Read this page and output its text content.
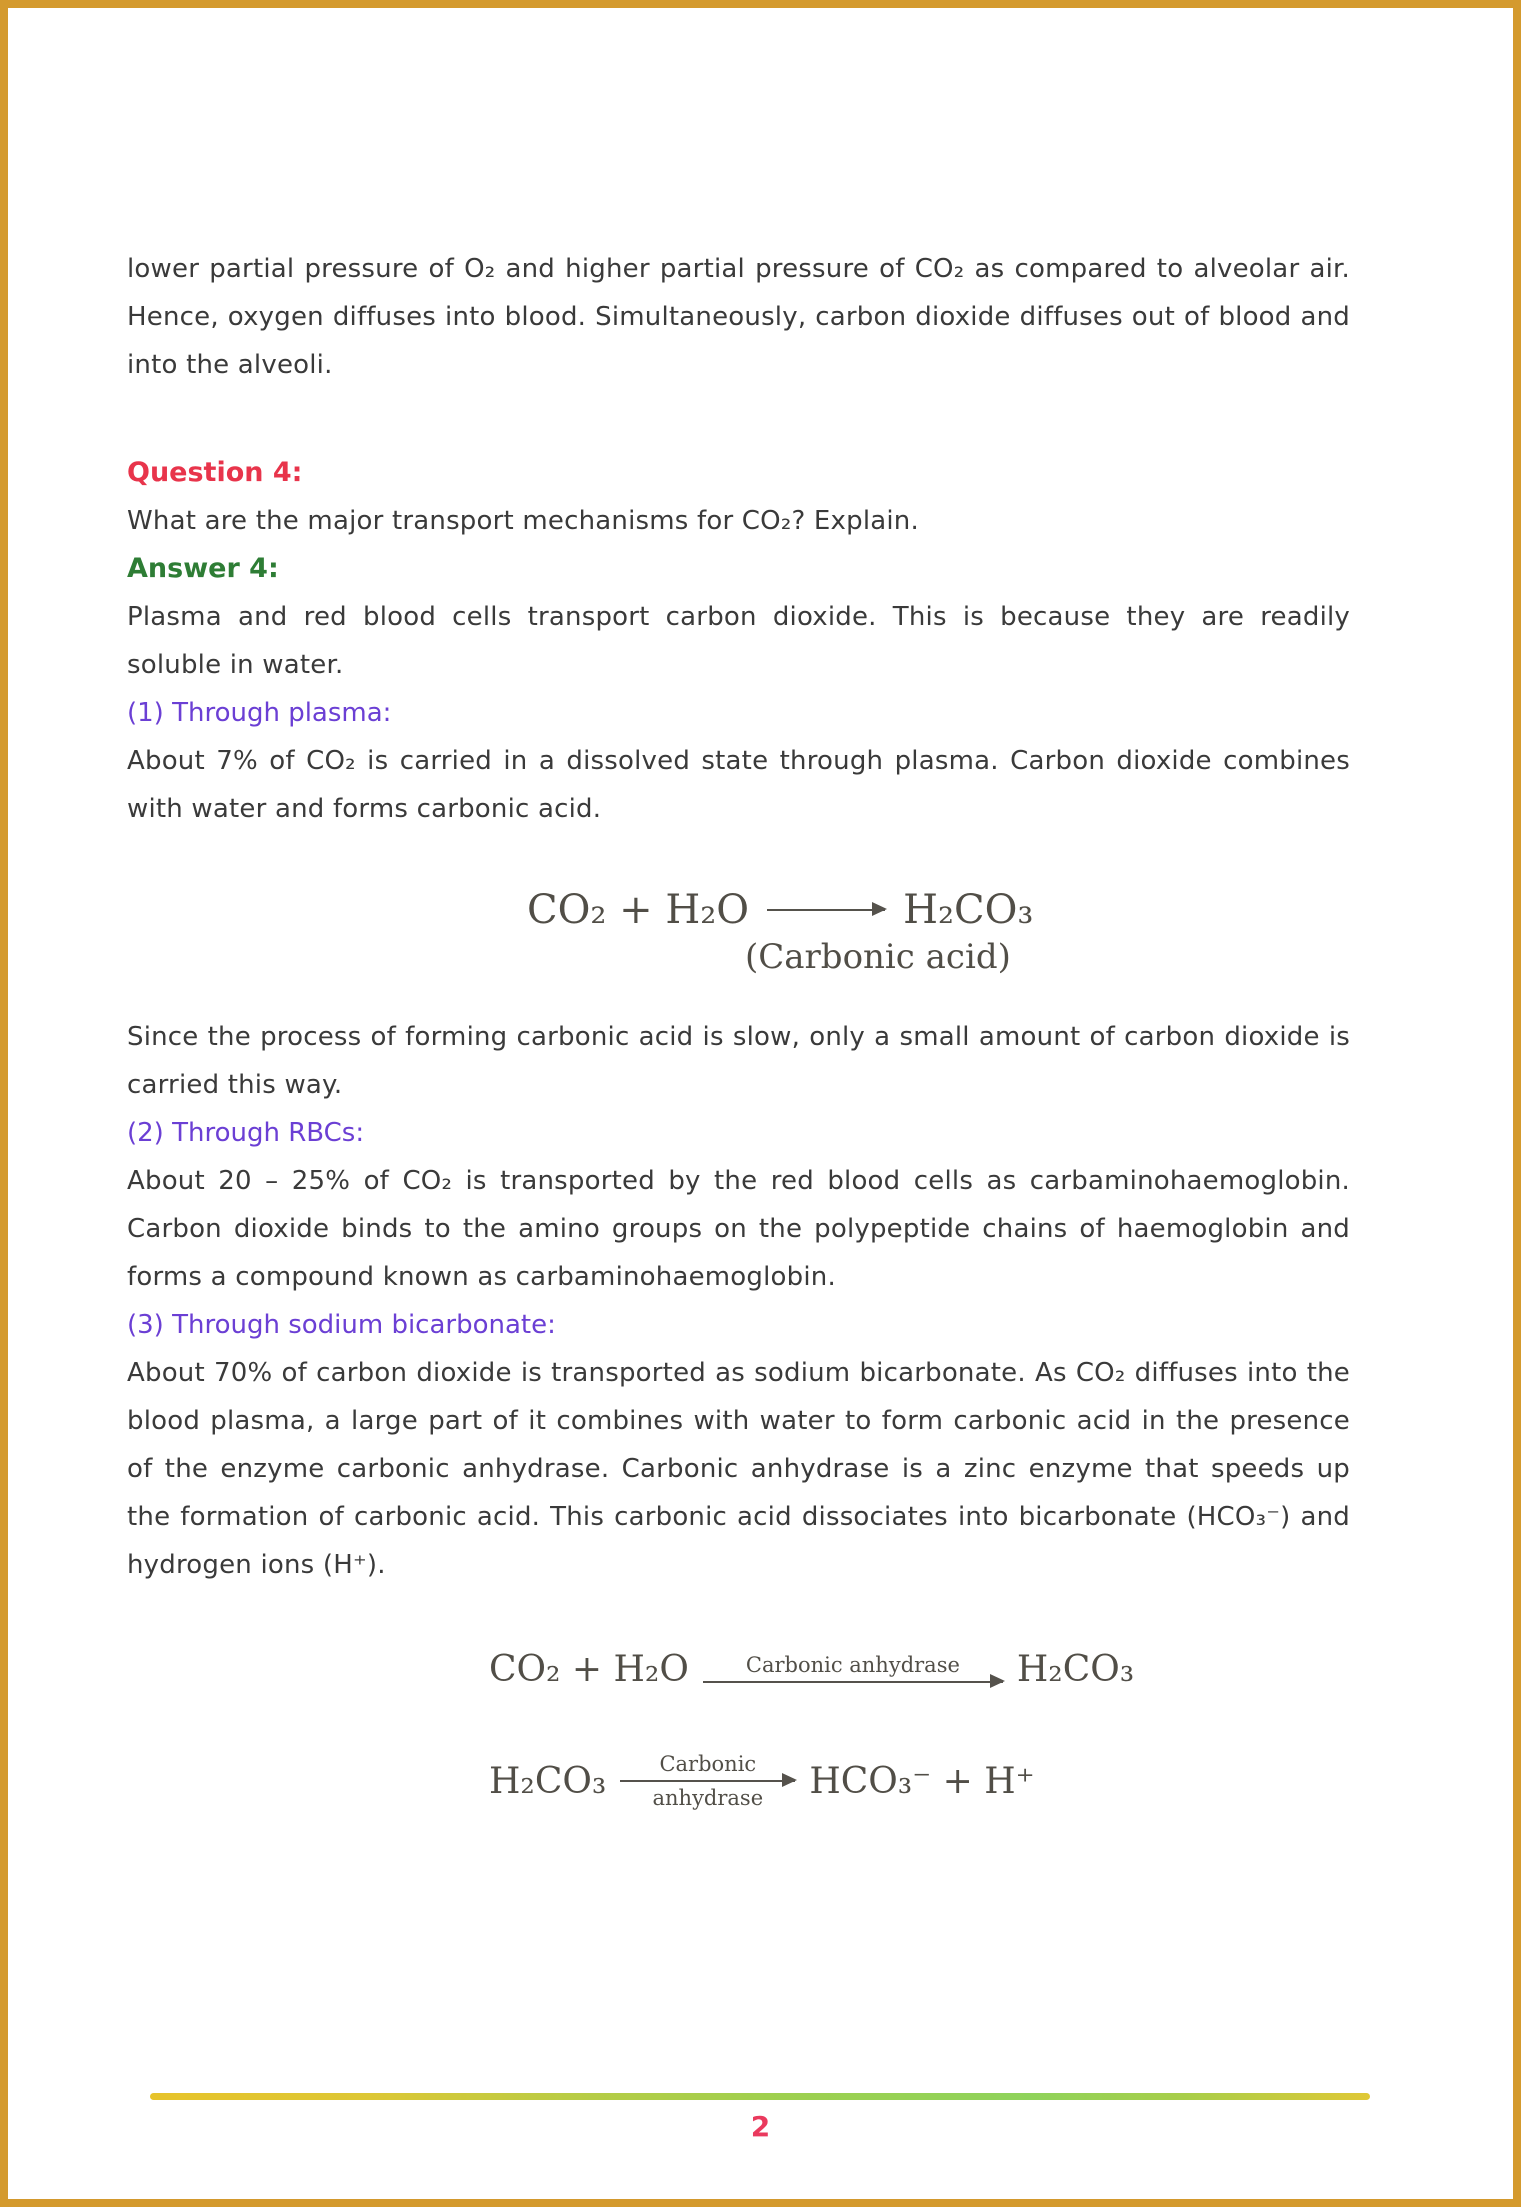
lower partial pressure of O₂ and higher partial pressure of CO₂ as compared to alveolar air. Hence, oxygen diffuses into blood. Simultaneously, carbon dioxide diffuses out of blood and into the alveoli.

Question 4:

What are the major transport mechanisms for CO₂? Explain.

Answer 4:

Plasma and red blood cells transport carbon dioxide. This is because they are readily soluble in water.

(1) Through plasma:

About 7% of CO₂ is carried in a dissolved state through plasma. Carbon dioxide combines with water and forms carbonic acid.

CO₂ + H₂O	H₂CO₃
(Carbonic acid)

Since the process of forming carbonic acid is slow, only a small amount of carbon dioxide is carried this way.

(2) Through RBCs:

About 20 – 25% of CO₂ is transported by the red blood cells as carbaminohaemoglobin. Carbon dioxide binds to the amino groups on the polypeptide chains of haemoglobin and forms a compound known as carbaminohaemoglobin.

(3) Through sodium bicarbonate:

About 70% of carbon dioxide is transported as sodium bicarbonate. As CO₂ diffuses into the blood plasma, a large part of it combines with water to form carbonic acid in the presence of the enzyme carbonic anhydrase. Carbonic anhydrase is a zinc enzyme that speeds up the formation of carbonic acid. This carbonic acid dissociates into bicarbonate (HCO₃⁻) and hydrogen ions (H⁺).

CO₂ + H₂O	Carbonic anhydrase H₂CO₃
H₂CO₃	Carbonic
anhydrase HCO₃⁻ + H⁺
2
